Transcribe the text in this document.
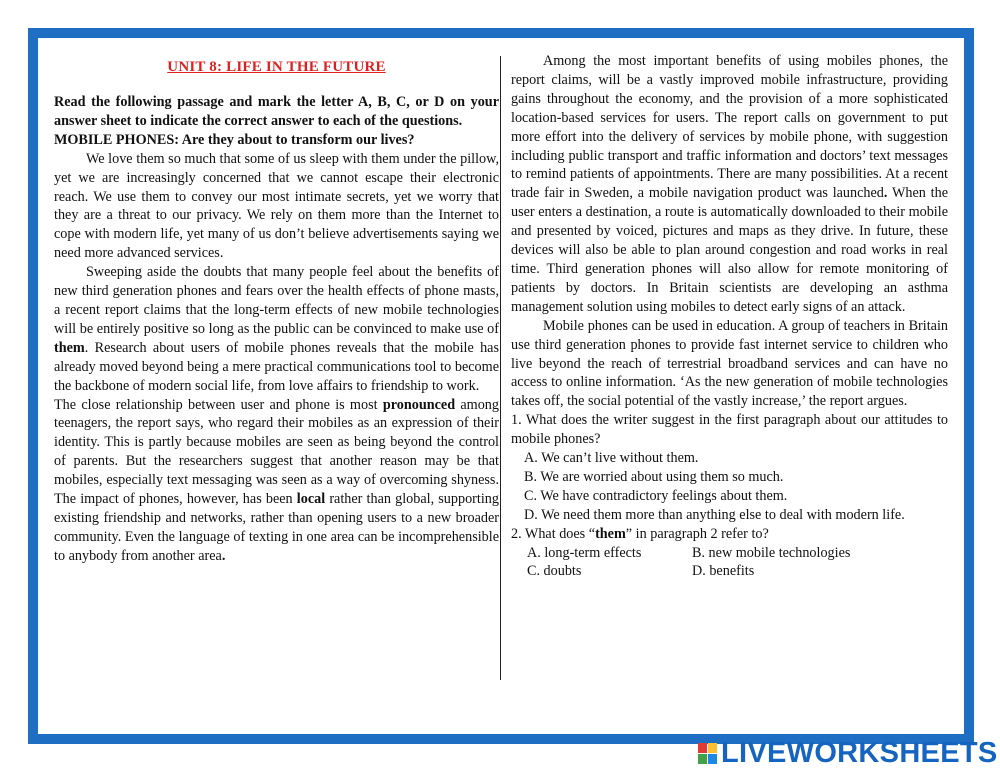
UNIT 8: LIFE IN THE FUTURE

Read the following passage and mark the letter A, B, C, or D on your answer sheet to indicate the correct answer to each of the questions.

MOBILE PHONES: Are they about to transform our lives?

We love them so much that some of us sleep with them under the pillow, yet we are increasingly concerned that we cannot escape their electronic reach. We use them to convey our most intimate secrets, yet we worry that they are a threat to our privacy. We rely on them more than the Internet to cope with modern life, yet many of us don’t believe advertisements saying we need more advanced services.

Sweeping aside the doubts that many people feel about the benefits of new third generation phones and fears over the health effects of phone masts, a recent report claims that the long-term effects of new mobile technologies will be entirely positive so long as the public can be convinced to make use of them. Research about users of mobile phones reveals that the mobile has already moved beyond being a mere practical communications tool to become the backbone of modern social life, from love affairs to friendship to work.

The close relationship between user and phone is most pronounced among teenagers, the report says, who regard their mobiles as an expression of their identity. This is partly because mobiles are seen as being beyond the control of parents. But the researchers suggest that another reason may be that mobiles, especially text messaging was seen as a way of overcoming shyness. The impact of phones, however, has been local rather than global, supporting existing friendship and networks, rather than opening users to a new broader community. Even the language of texting in one area can be incomprehensible to anybody from another area.

Among the most important benefits of using mobiles phones, the report claims, will be a vastly improved mobile infrastructure, providing gains throughout the economy, and the provision of a more sophisticated location-based services for users. The report calls on government to put more effort into the delivery of services by mobile phone, with suggestion including public transport and traffic information and doctors’ text messages to remind patients of appointments. There are many possibilities. At a recent trade fair in Sweden, a mobile navigation product was launched. When the user enters a destination, a route is automatically downloaded to their mobile and presented by voiced, pictures and maps as they drive. In future, these devices will also be able to plan around congestion and road works in real time. Third generation phones will also allow for remote monitoring of patients by doctors. In Britain scientists are developing an asthma management solution using mobiles to detect early signs of an attack.

Mobile phones can be used in education. A group of teachers in Britain use third generation phones to provide fast internet service to children who live beyond the reach of terrestrial broadband services and can have no access to online information. ‘As the new generation of mobile technologies takes off, the social potential of the vastly increase,’ the report argues.

1. What does the writer suggest in the first paragraph about our attitudes to mobile phones?

A. We can’t live without them.

B. We are worried about using them so much.

C. We have contradictory feelings about them.

D. We need them more than anything else to deal with modern life.

2. What does “them” in paragraph 2 refer to?

A. long-term effects	B. new mobile technologies
C. doubts	D. benefits
LIVEWORKSHEETS
